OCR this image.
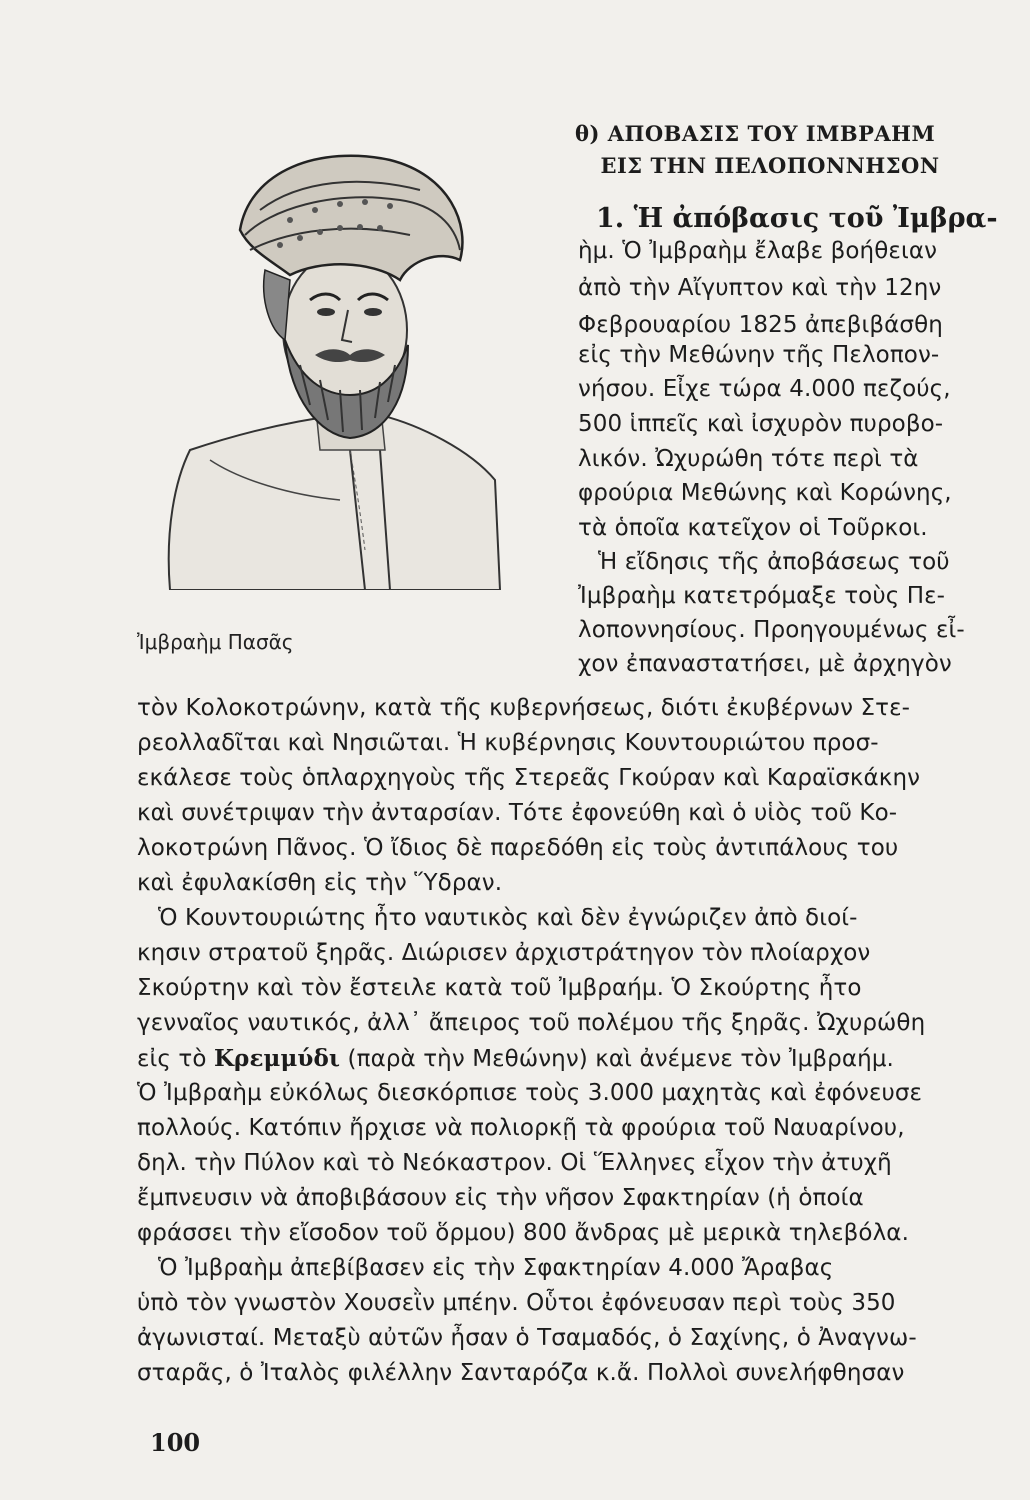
Ἰμβραὴμ Πασᾶς
θ) ΑΠΟΒΑΣΙΣ ΤΟΥ ΙΜΒΡΑΗΜ
ΕΙΣ ΤΗΝ ΠΕΛΟΠΟΝΝΗΣΟΝ
1. Ἡ ἀπόβασις τοῦ Ἰμβρα-
ὴμ. Ὁ Ἰμβραὴμ ἔλαβε βοήθειαν
ἀπὸ τὴν Αἴγυπτον καὶ τὴν 12ην
Φεβρουαρίου 1825 ἀπεβιβάσθη
εἰς τὴν Μεθώνην τῆς Πελοπον-
νήσου. Εἶχε τώρα 4.000 πεζούς,
500 ἱππεῖς καὶ ἰσχυρὸν πυροβο-
λικόν. Ὠχυρώθη τότε περὶ τὰ
φρούρια Μεθώνης καὶ Κορώνης,
τὰ ὁποῖα κατεῖχον οἱ Τοῦρκοι.
Ἡ εἴδησις τῆς ἀποβάσεως τοῦ
Ἰμβραὴμ κατετρόμαξε τοὺς Πε-
λοποννησίους. Προηγουμένως εἶ-
χον ἐπαναστατήσει, μὲ ἀρχηγὸν
τὸν Κολοκοτρώνην, κατὰ τῆς κυβερνήσεως, διότι ἐκυβέρνων Στε-
ρεολλαδῖται καὶ Νησιῶται. Ἡ κυβέρνησις Κουντουριώτου προσ-
εκάλεσε τοὺς ὁπλαρχηγοὺς τῆς Στερεᾶς Γκούραν καὶ Καραϊσκάκην
καὶ συνέτριψαν τὴν ἀνταρσίαν. Τότε ἐφονεύθη καὶ ὁ υἱὸς τοῦ Κο-
λοκοτρώνη Πᾶνος. Ὁ ἴδιος δὲ παρεδόθη εἰς τοὺς ἀντιπάλους του
καὶ ἐφυλακίσθη εἰς τὴν Ὕδραν.
Ὁ Κουντουριώτης ἦτο ναυτικὸς καὶ δὲν ἐγνώριζεν ἀπὸ διοί-
κησιν στρατοῦ ξηρᾶς. Διώρισεν ἀρχιστράτηγον τὸν πλοίαρχον
Σκούρτην καὶ τὸν ἔστειλε κατὰ τοῦ Ἰμβραήμ. Ὁ Σκούρτης ἦτο
γενναῖος ναυτικός, ἀλλ᾽ ἄπειρος τοῦ πολέμου τῆς ξηρᾶς. Ὠχυρώθη
εἰς τὸ Κρεμμύδι (παρὰ τὴν Μεθώνην) καὶ ἀνέμενε τὸν Ἰμβραήμ.
Ὁ Ἰμβραὴμ εὐκόλως διεσκόρπισε τοὺς 3.000 μαχητὰς καὶ ἐφόνευσε
πολλούς. Κατόπιν ἤρχισε νὰ πολιορκῇ τὰ φρούρια τοῦ Ναυαρίνου,
δηλ. τὴν Πύλον καὶ τὸ Νεόκαστρον. Οἱ Ἕλληνες εἶχον τὴν ἀτυχῆ
ἔμπνευσιν νὰ ἀποβιβάσουν εἰς τὴν νῆσον Σφακτηρίαν (ἡ ὁποία
φράσσει τὴν εἴσοδον τοῦ ὅρμου) 800 ἄνδρας μὲ μερικὰ τηλεβόλα.
Ὁ Ἰμβραὴμ ἀπεβίβασεν εἰς τὴν Σφακτηρίαν 4.000 Ἄραβας
ὑπὸ τὸν γνωστὸν Χουσεῒν μπέην. Οὗτοι ἐφόνευσαν περὶ τοὺς 350
ἀγωνισταί. Μεταξὺ αὐτῶν ἦσαν ὁ Τσαμαδός, ὁ Σαχίνης, ὁ Ἀναγνω-
σταρᾶς, ὁ Ἰταλὸς φιλέλλην Σανταρόζα κ.ἄ. Πολλοὶ συνελήφθησαν
100
